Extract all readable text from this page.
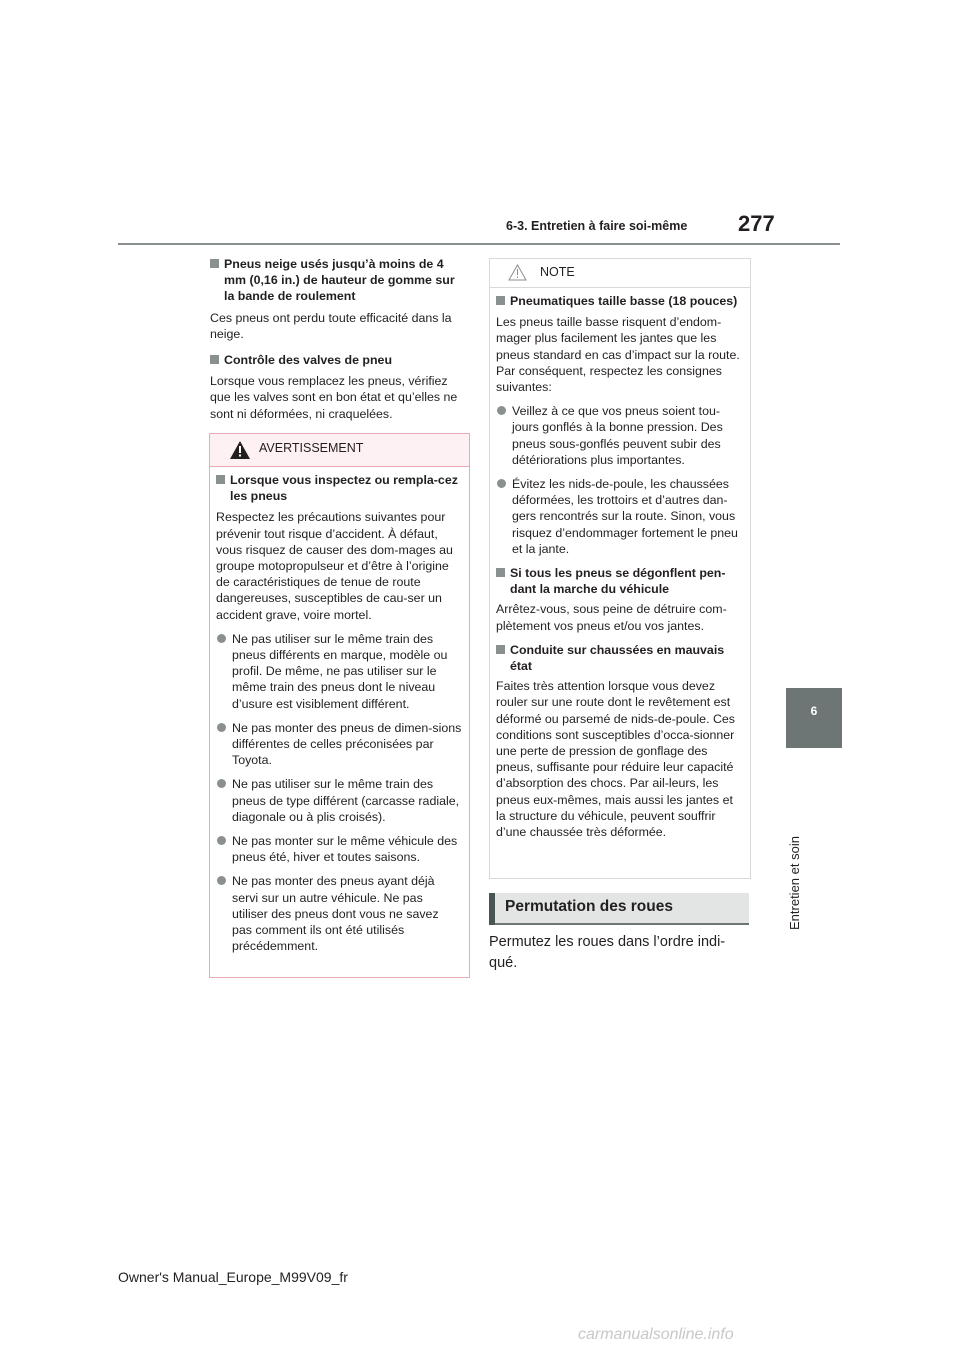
6-3. Entretien à faire soi-même 277
6
Entretien et soin

Pneus neige usés jusqu’à moins de 4 mm (0,16 in.) de hauteur de gomme sur la bande de roulement

Ces pneus ont perdu toute efficacité dans la neige.

Contrôle des valves de pneu

Lorsque vous remplacez les pneus, vérifiez que les valves sont en bon état et qu’elles ne sont ni déformées, ni craquelées.

AVERTISSEMENT

Lorsque vous inspectez ou rempla-cez les pneus

Respectez les précautions suivantes pour prévenir tout risque d’accident. À défaut, vous risquez de causer des dom-mages au groupe motopropulseur et d’être à l’origine de caractéristiques de tenue de route dangereuses, susceptibles de cau-ser un accident grave, voire mortel.

Ne pas utiliser sur le même train des pneus différents en marque, modèle ou profil. De même, ne pas utiliser sur le même train des pneus dont le niveau d’usure est visiblement différent.

Ne pas monter des pneus de dimen-sions différentes de celles préconisées par Toyota.

Ne pas utiliser sur le même train des pneus de type différent (carcasse radiale, diagonale ou à plis croisés).

Ne pas monter sur le même véhicule des pneus été, hiver et toutes saisons.

Ne pas monter des pneus ayant déjà servi sur un autre véhicule. Ne pas utiliser des pneus dont vous ne savez pas comment ils ont été utilisés précédemment.

NOTE

Pneumatiques taille basse (18 pouces)

Les pneus taille basse risquent d’endom-mager plus facilement les jantes que les pneus standard en cas d’impact sur la route. Par conséquent, respectez les consignes suivantes:

Veillez à ce que vos pneus soient tou-jours gonflés à la bonne pression. Des pneus sous-gonflés peuvent subir des détériorations plus importantes.

Évitez les nids-de-poule, les chaussées déformées, les trottoirs et d’autres dan-gers rencontrés sur la route. Sinon, vous risquez d’endommager fortement le pneu et la jante.

Si tous les pneus se dégonflent pen-dant la marche du véhicule

Arrêtez-vous, sous peine de détruire com-plètement vos pneus et/ou vos jantes.

Conduite sur chaussées en mauvais état

Faites très attention lorsque vous devez rouler sur une route dont le revêtement est déformé ou parsemé de nids-de-poule. Ces conditions sont susceptibles d’occa-sionner une perte de pression de gonflage des pneus, suffisante pour réduire leur capacité d’absorption des chocs. Par ail-leurs, les pneus eux-mêmes, mais aussi les jantes et la structure du véhicule, peuvent souffrir d’une chaussée très déformée.

Permutation des roues
Permutez les roues dans l’ordre indi-qué.
Owner's Manual_Europe_M99V09_fr
carmanualsonline.info
